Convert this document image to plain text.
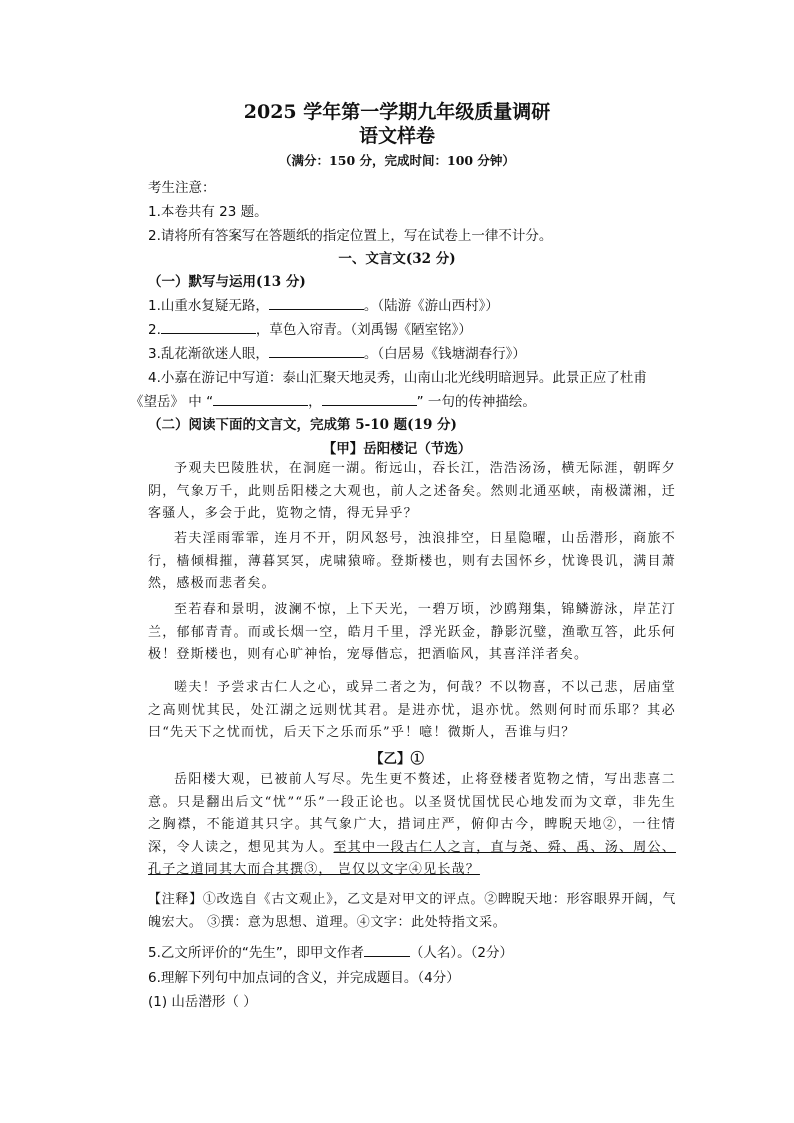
2025 学年第一学期九年级质量调研
语文样卷
（满分：150 分，完成时间：100 分钟）
考生注意：
1.本卷共有 23 题。
2.请将所有答案写在答题纸的指定位置上，写在试卷上一律不计分。
一、文言文(32 分)
（一）默写与运用(13 分)
1.山重水复疑无路，	。（陆游《游山西村》）
2.	，草色入帘青。（刘禹锡《陋室铭》）
3.乱花渐欲迷人眼，	。（白居易《钱塘湖春行》）
4.小嘉在游记中写道：泰山汇聚天地灵秀，山南山北光线明暗迥异。此景正应了杜甫
《望岳》 中 “	，	” 一句的传神描绘。
（二）阅读下面的文言文，完成第 5-10 题(19 分)
【甲】岳阳楼记（节选）
予观夫巴陵胜状，在洞庭一湖。衔远山，吞长江，浩浩汤汤，横无际涯，朝晖夕阴，气象万千，此则岳阳楼之大观也，前人之述备矣。然则北通巫峡，南极潇湘，迁客骚人，多会于此，览物之情，得无异乎？
若夫淫雨霏霏，连月不开，阴风怒号，浊浪排空，日星隐曜，山岳潜形，商旅不行，樯倾楫摧，薄暮冥冥，虎啸猿啼。登斯楼也，则有去国怀乡，忧谗畏讥，满目萧然，感极而悲者矣。
至若春和景明，波澜不惊，上下天光，一碧万顷，沙鸥翔集，锦鳞游泳，岸芷汀兰，郁郁青青。而或长烟一空，皓月千里，浮光跃金，静影沉璧，渔歌互答，此乐何极！登斯楼也，则有心旷神怡，宠辱偕忘，把酒临风，其喜洋洋者矣。
嗟夫！予尝求古仁人之心，或异二者之为，何哉？不以物喜，不以己悲，居庙堂之高则忧其民，处江湖之远则忧其君。是进亦忧，退亦忧。然则何时而乐耶？其必曰“先天下之忧而忧，后天下之乐而乐”乎！噫！微斯人，吾谁与归？
【乙】①
岳阳楼大观，已被前人写尽。先生更不赘述，止将登楼者览物之情，写出悲喜二意。只是翻出后文“忧”“乐”一段正论也。以圣贤忧国忧民心地发而为文章，非先生之胸襟，不能道其只字。其气象广大，措词庄严，俯仰古今，睥睨天地②，一往情深，令人读之，想见其为人。至其中一段古仁人之言，直与尧、舜、禹、汤、周公、孔子之道同其大而合其撰③， 岂仅以文字④见长哉？
【注释】①改选自《古文观止》，乙文是对甲文的评点。②睥睨天地：形容眼界开阔，气魄宏大。 ③撰：意为思想、道理。④文字：此处特指文采。
5.乙文所评价的“先生”，即甲文作者	（人名）。（2分）
6.理解下列句中加点词的含义，并完成题目。（4分）
(1) 山岳潜形（ ）
